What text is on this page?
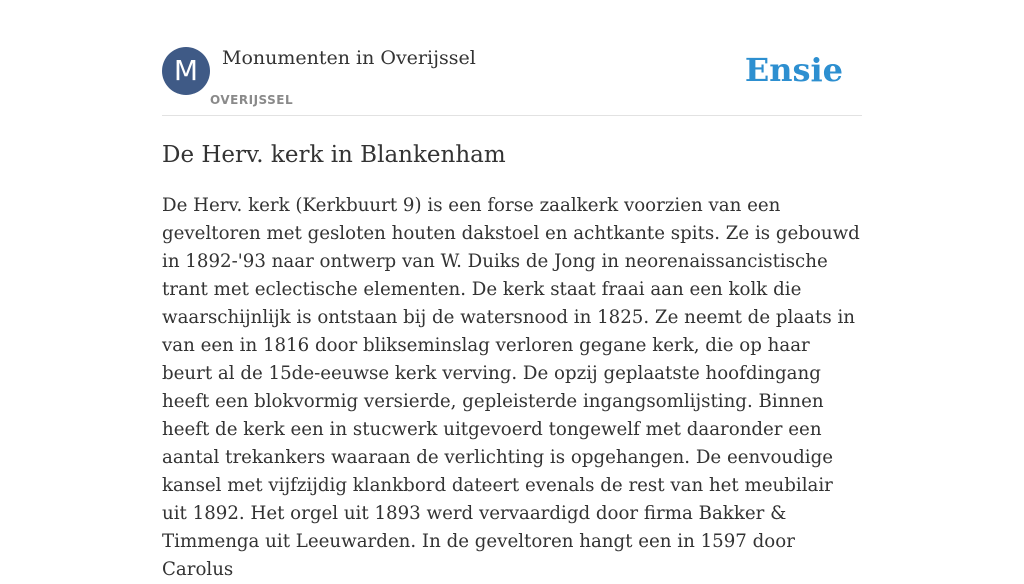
M	Monumenten in Overijssel
OVERIJSSEL
Ensie
De Herv. kerk in Blankenham

De Herv. kerk (Kerkbuurt 9) is een forse zaalkerk voorzien van een geveltoren met gesloten houten dakstoel en achtkante spits. Ze is gebouwd in 1892-'93 naar ontwerp van W. Duiks de Jong in neorenaissancistische trant met eclectische elementen. De kerk staat fraai aan een kolk die waarschijnlijk is ontstaan bij de watersnood in 1825. Ze neemt de plaats in van een in 1816 door blikseminslag verloren gegane kerk, die op haar beurt al de 15de-eeuwse kerk verving. De opzij geplaatste hoofdingang heeft een blokvormig versierde, gepleisterde ingangsomlijsting. Binnen heeft de kerk een in stucwerk uitgevoerd tongewelf met daaronder een aantal trekankers waaraan de verlichting is opgehangen. De eenvoudige kansel met vijfzijdig klankbord dateert evenals de rest van het meubilair uit 1892. Het orgel uit 1893 werd vervaardigd door firma Bakker & Timmenga uit Leeuwarden. In de geveltoren hangt een in 1597 door Carolus
